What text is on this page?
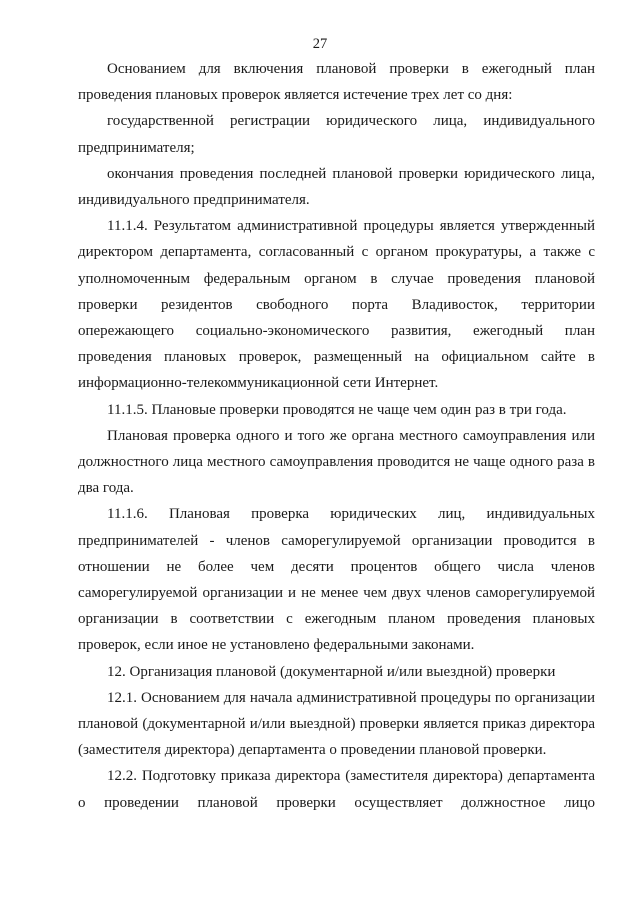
27

Основанием для включения плановой проверки в ежегодный план проведения плановых проверок является истечение трех лет со дня:

государственной регистрации юридического лица, индивидуального предпринимателя;

окончания проведения последней плановой проверки юридического лица, индивидуального предпринимателя.

11.1.4. Результатом административной процедуры является утвержденный директором департамента, согласованный с органом прокуратуры, а также с уполномоченным федеральным органом в случае проведения плановой проверки резидентов свободного порта Владивосток, территории опережающего социально-экономического развития, ежегодный план проведения плановых проверок, размещенный на официальном сайте в информационно-телекоммуникационной сети Интернет.

11.1.5. Плановые проверки проводятся не чаще чем один раз в три года.

Плановая проверка одного и того же органа местного самоуправления или должностного лица местного самоуправления проводится не чаще одного раза в два года.

11.1.6. Плановая проверка юридических лиц, индивидуальных предпринимателей - членов саморегулируемой организации проводится в отношении не более чем десяти процентов общего числа членов саморегулируемой организации и не менее чем двух членов саморегулируемой организации в соответствии с ежегодным планом проведения плановых проверок, если иное не установлено федеральными законами.

12. Организация плановой (документарной и/или выездной) проверки

12.1. Основанием для начала административной процедуры по организации плановой (документарной и/или выездной) проверки является приказ директора (заместителя директора) департамента о проведении плановой проверки.

12.2. Подготовку приказа директора (заместителя директора) департамента о проведении плановой проверки осуществляет должностное лицо
